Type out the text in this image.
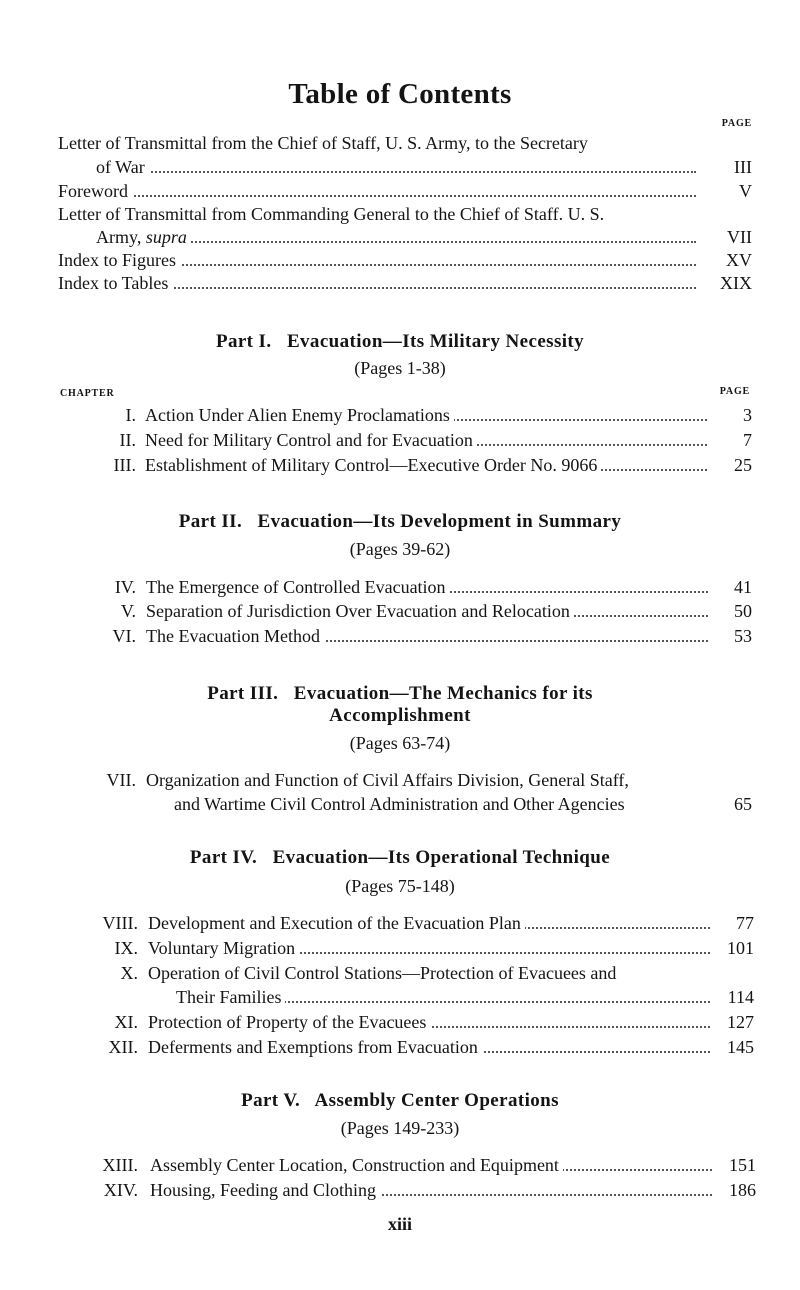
Table of Contents
PAGE
Letter of Transmittal from the Chief of Staff, U. S. Army, to the Secretary
of War	III
Foreword	V
Letter of Transmittal from Commanding General to the Chief of Staff. U. S.
Army, supra	VII
Index to Figures	XV
Index to Tables	XIX
Part I.   Evacuation—Its Military Necessity
(Pages 1-38)
CHAPTER	PAGE
I. Action Under Alien Enemy Proclamations	3
II. Need for Military Control and for Evacuation	7
III. Establishment of Military Control—Executive Order No. 9066	25
Part II.   Evacuation—Its Development in Summary
(Pages 39-62)
IV. The Emergence of Controlled Evacuation	41
V. Separation of Jurisdiction Over Evacuation and Relocation	50
VI. The Evacuation Method	53
Part III.   Evacuation—The Mechanics for its
Accomplishment
(Pages 63-74)
VII. Organization and Function of Civil Affairs Division, General Staff,
and Wartime Civil Control Administration and Other Agencies	65
Part IV.   Evacuation—Its Operational Technique
(Pages 75-148)
VIII. Development and Execution of the Evacuation Plan	77
IX. Voluntary Migration	101
X. Operation of Civil Control Stations—Protection of Evacuees and
Their Families	114
XI. Protection of Property of the Evacuees	127
XII. Deferments and Exemptions from Evacuation	145
Part V.   Assembly Center Operations
(Pages 149-233)
XIII. Assembly Center Location, Construction and Equipment	151
XIV. Housing, Feeding and Clothing	186
xiii
